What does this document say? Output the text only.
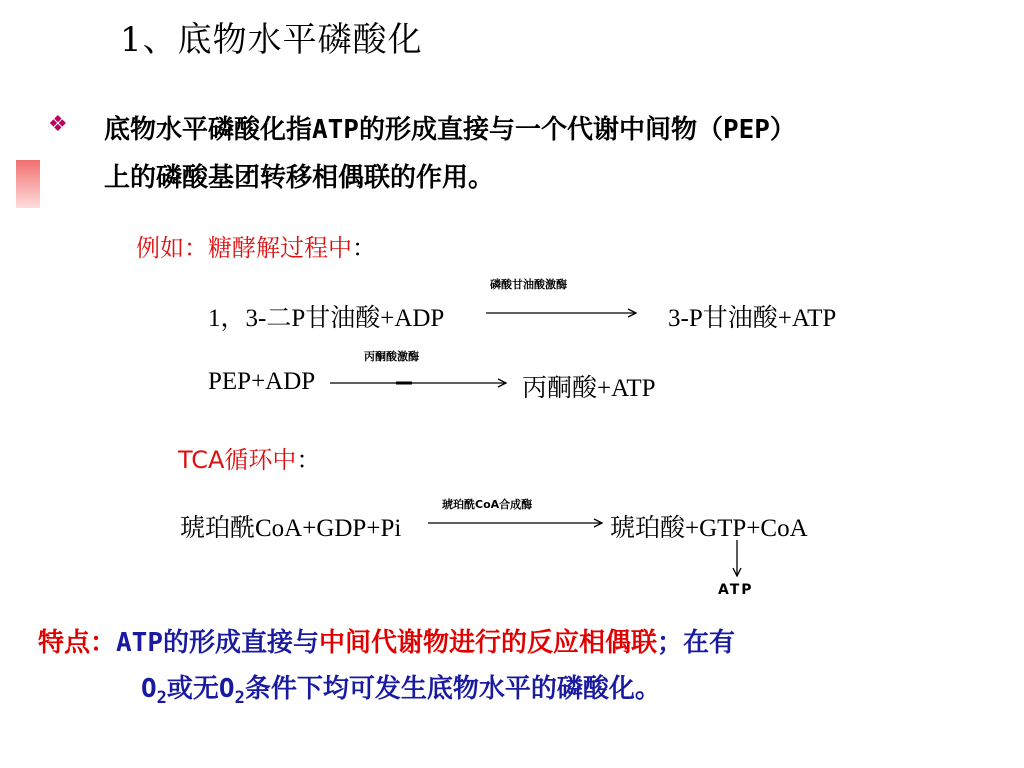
1、底物水平磷酸化
❖ 底物水平磷酸化指ATP的形成直接与一个代谢中间物（PEP）
上的磷酸基团转移相偶联的作用。
例如：糖酵解过程中：
1，3-二P甘油酸+ADP
磷酸甘油酸激酶
3-P甘油酸+ATP
丙酮酸激酶
PEP+ADP	丙酮酸+ATP
TCA循环中：
琥珀酰CoA合成酶
琥珀酰CoA+GDP+Pi	琥珀酸+GTP+CoA
ATP
特点：ATP的形成直接与中间代谢物进行的反应相偶联；在有
$O_2$或无$O_2$条件下均可发生底物水平的磷酸化。
